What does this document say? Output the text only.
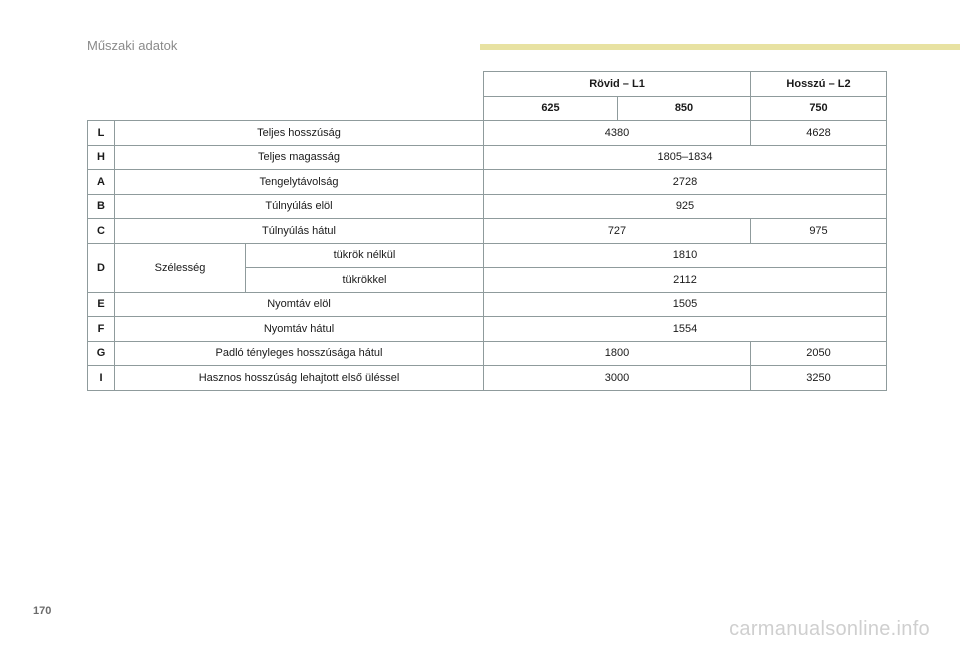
Műszaki adatok
			Rövid – L1		Hosszú – L2
			625	850	750
L	Teljes hosszúság		4380		4628
H	Teljes magasság		1805–1834		
A	Tengelytávolság		2728		
B	Túlnyúlás elöl		925		
C	Túlnyúlás hátul		727		975
D	Szélesség	tükrök nélkül	1810		
		tükrökkel	2112		
E	Nyomtáv elöl		1505		
F	Nyomtáv hátul		1554		
G	Padló tényleges hosszúsága hátul		1800		2050
I	Hasznos hosszúság lehajtott első üléssel		3000		3250
170
carmanualsonline.info
